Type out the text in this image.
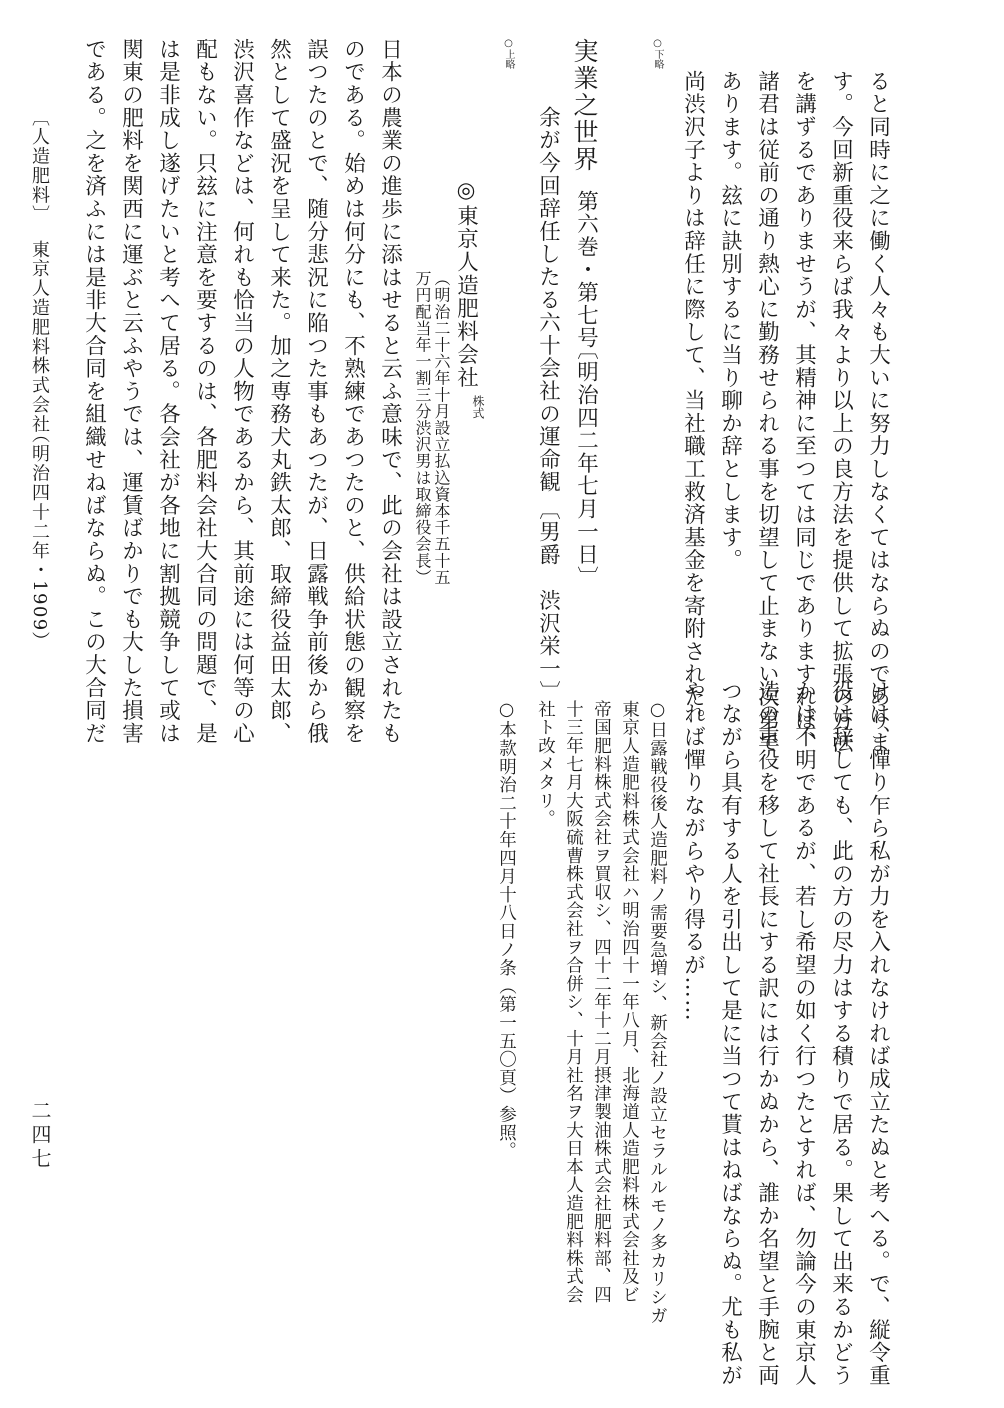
ると同時に之に働く人々も大いに努力しなくてはならぬのでありま
す。今回新重役来らば我々より以上の良方法を提供して拡張の方法
を講ずるでありませうが、其精神に至つては同じでありますれば、
諸君は従前の通り熱心に勤務せられる事を切望して止まない次第で
あります。玆に訣別するに当り聊か辞とします。
尚渋沢子よりは辞任に際して、当社職工救済基金を寄附された。
○下略
実業之世界
第六巻・第七号
〔明治四二年七月一日〕
余が今回辞任したる六十会社の運命観
〔男爵　渋沢栄一〕
○上略
◎東京人造肥料会社
株式
（明治二十六年十月設立払込資本千五十五
万円配当年一割三分渋沢男は取締役会長）
日本の農業の進歩に添はせると云ふ意味で、此の会社は設立されたも
のである。始めは何分にも、不熟練であつたのと、供給状態の観察を
誤つたのとで、随分悲況に陥つた事もあつたが、日露戦争前後から俄
然として盛況を呈して来た。加之専務犬丸鉄太郎、取締役益田太郎、
渋沢喜作などは、何れも恰当の人物であるから、其前途には何等の心
配もない。只玆に注意を要するのは、各肥料会社大合同の問題で、是
は是非成し遂げたいと考へて居る。各会社が各地に割拠競争して或は
関東の肥料を関西に運ぶと云ふやうでは、運賃ばかりでも大した損害
である。之を済ふには是非大合同を組織せねばならぬ。この大合同だ
〔人造肥料〕
東京人造肥料株式会社
（明治四十二年・1909）
けは、憚り乍ら私が力を入れなければ成立たぬと考へる。で、縦令重
役は辞しても、此の方の尽力はする積りで居る。果して出来るかどう
かは不明であるが、若し希望の如く行つたとすれば、勿論今の東京人
造の重役を移して社長にする訳には行かぬから、誰か名望と手腕と両
つながら具有する人を引出して是に当つて貰はねばならぬ。尤も私が
やれば憚りながらやり得るが……
○日露戦役後人造肥料ノ需要急増シ、新会社ノ設立セラルルモノ多カリシガ
東京人造肥料株式会社ハ明治四十一年八月、北海道人造肥料株式会社及ビ
帝国肥料株式会社ヲ買収シ、四十二年十二月摂津製油株式会社肥料部、四
十三年七月大阪硫曹株式会社ヲ合併シ、十月社名ヲ大日本人造肥料株式会
社ト改メタリ。
○本款明治二十年四月十八日ノ条（第一五〇頁）参照。
二四七
